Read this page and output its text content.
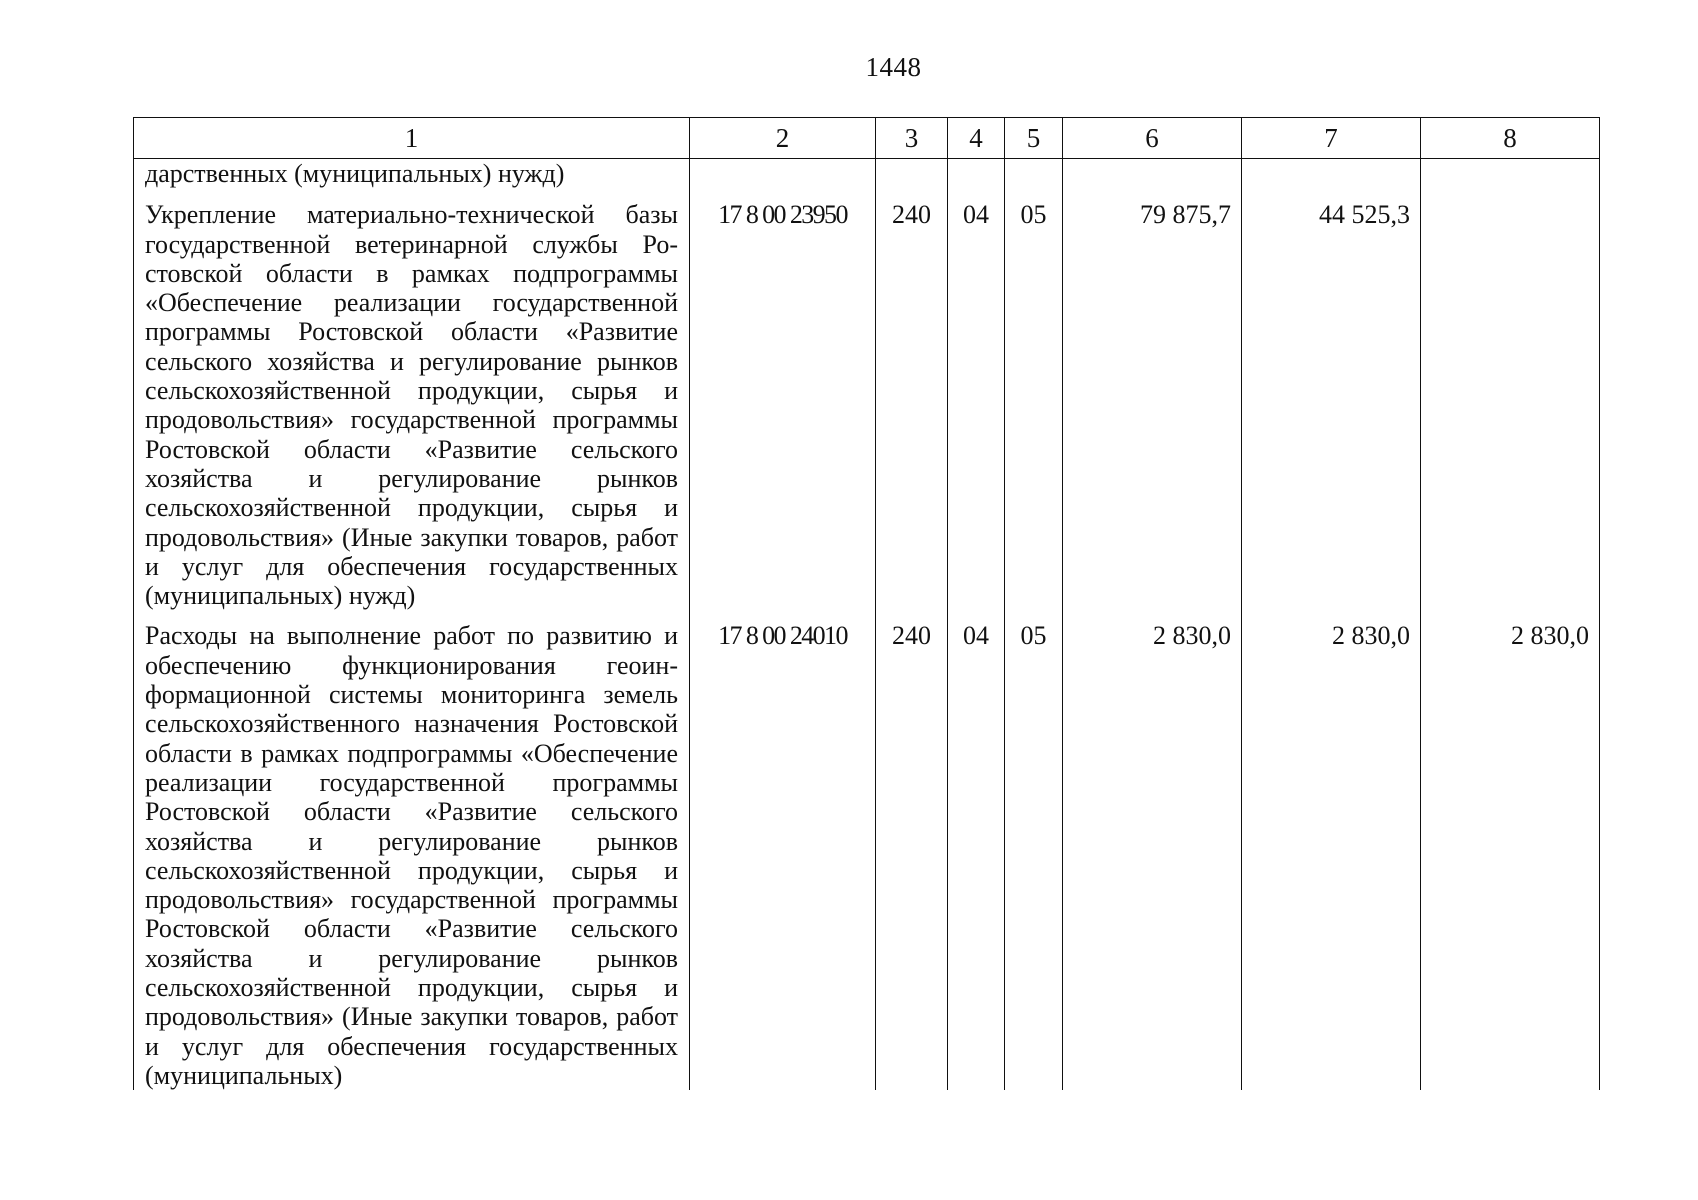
1448
1	2	3	4	5	6	7	8
дарственных (муниципальных) нужд)							
Укрепление материально-технической базы государственной ветеринарной службы Ростовской области в рамках подпрограммы «Обеспечение реализации государственной программы Ростовской области «Развитие сельского хозяйства и регулирование рынков сельскохозяйственной продукции, сырья и продовольствия» государственной программы Ростовской области «Развитие сельского хозяйства и регулирование рынков сельскохозяйственной продукции, сырья и продовольствия» (Иные закупки товаров, работ и услуг для обеспечения государственных (муниципальных) нужд)	17 8 00 23950	240	04	05	79 875,7	44 525,3	
Расходы на выполнение работ по развитию и обеспечению функционирования геоинформационной системы мониторинга земель сельскохозяйственного назначения Ростовской области в рамках подпрограммы «Обеспечение реализации государственной программы Ростовской области «Развитие сельского хозяйства и регулирование рынков сельскохозяйственной продукции, сырья и продовольствия» государственной программы Ростовской области «Развитие сельского хозяйства и регулирование рынков сельскохозяйственной продукции, сырья и продовольствия» (Иные закупки товаров, работ и услуг для обеспечения государственных (муниципальных)	17 8 00 24010	240	04	05	2 830,0	2 830,0	2 830,0
